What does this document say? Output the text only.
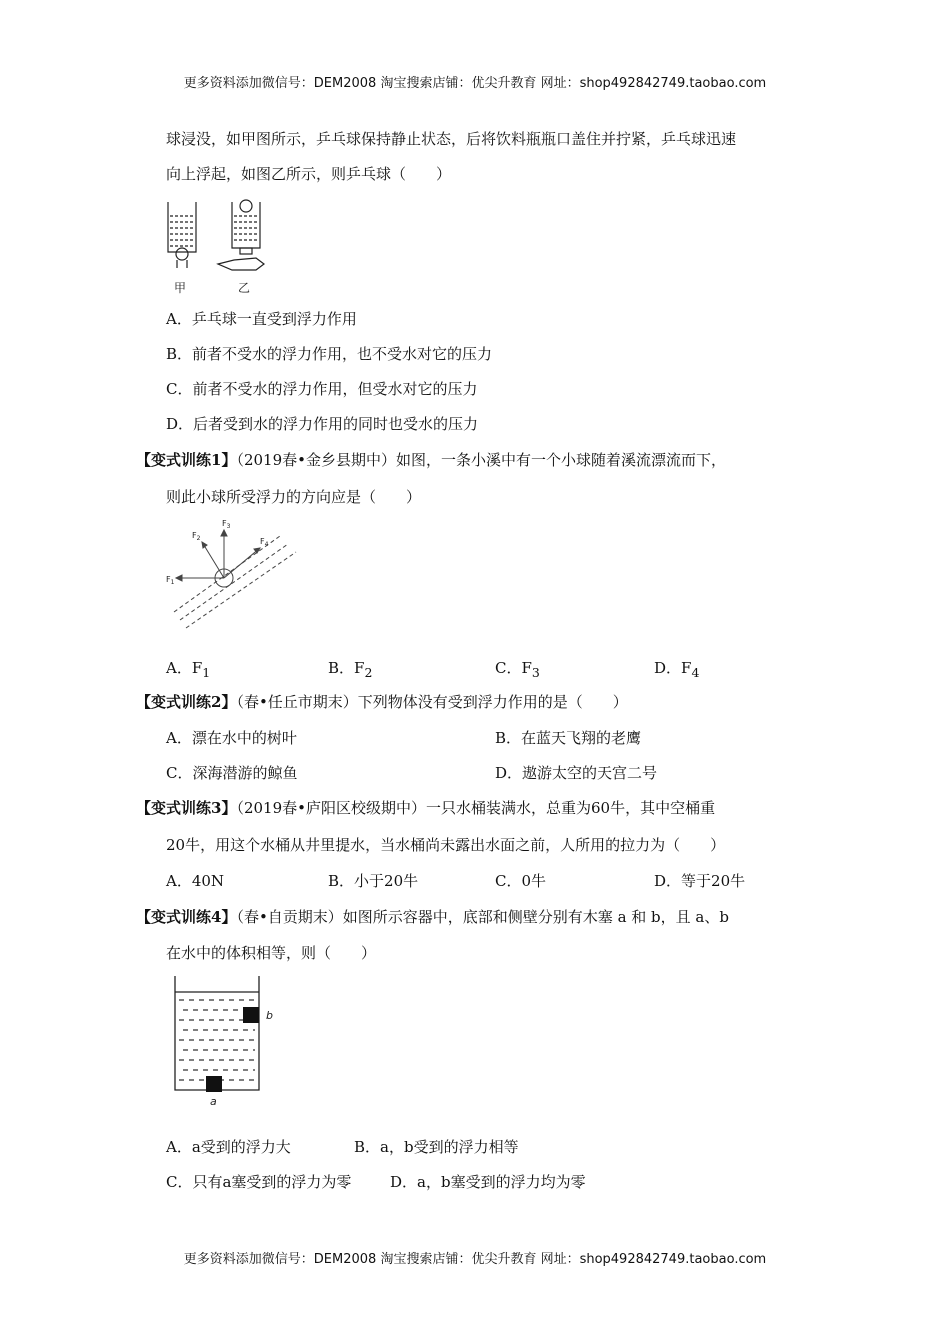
更多资料添加微信号：DEM2008 淘宝搜索店铺：优尖升教育 网址：shop492842749.taobao.com
球浸没，如甲图所示，乒乓球保持静止状态，后将饮料瓶瓶口盖住并拧紧，乒乓球迅速
向上浮起，如图乙所示，则乒乓球（　　）
甲	乙
A．乒乓球一直受到浮力作用
B．前者不受水的浮力作用，也不受水对它的压力
C．前者不受水的浮力作用，但受水对它的压力
D．后者受到水的浮力作用的同时也受水的压力
【变式训练1】（2019春•金乡县期中）如图，一条小溪中有一个小球随着溪流漂流而下，
则此小球所受浮力的方向应是（　　）
$F_1$
$F_2$
$F_3$
$F_4$
A．$F_1$	B．$F_2$	C．$F_3$	D．$F_4$
【变式训练2】（春•任丘市期末）下列物体没有受到浮力作用的是（　　）
A．漂在水中的树叶	B．在蓝天飞翔的老鹰
C．深海潜游的鲸鱼	D．遨游太空的天宫二号
【变式训练3】（2019春•庐阳区校级期中）一只水桶装满水，总重为60牛，其中空桶重
20牛，用这个水桶从井里提水，当水桶尚未露出水面之前，人所用的拉力为（　　）
A．40N	B．小于20牛	C．0牛	D．等于20牛
【变式训练4】（春•自贡期末）如图所示容器中，底部和侧壁分别有木塞 a 和 b，且 a、b
在水中的体积相等，则（　　）
b
a
A．a受到的浮力大	B．a，b受到的浮力相等
C．只有a塞受到的浮力为零	D．a，b塞受到的浮力均为零
更多资料添加微信号：DEM2008 淘宝搜索店铺：优尖升教育 网址：shop492842749.taobao.com
